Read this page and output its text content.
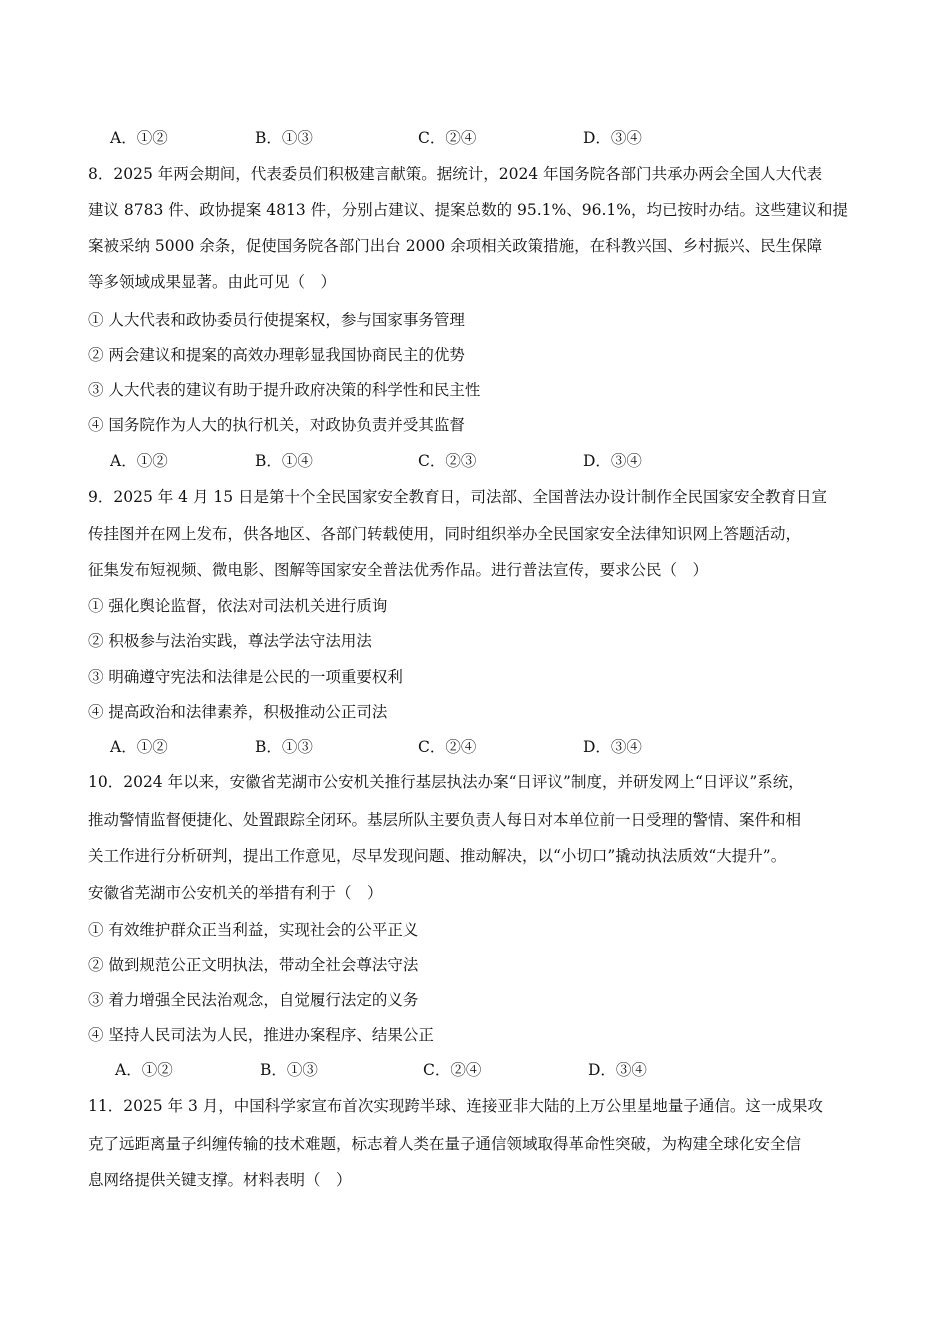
A．①②	B．①③	C．②④	D．③④
8．2025 年两会期间，代表委员们积极建言献策。据统计，2024 年国务院各部门共承办两会全国人大代表
建议 8783 件、政协提案 4813 件，分别占建议、提案总数的 95.1%、96.1%，均已按时办结。这些建议和提
案被采纳 5000 余条，促使国务院各部门出台 2000 余项相关政策措施，在科教兴国、乡村振兴、民生保障
等多领域成果显著。由此可见（　）
① 人大代表和政协委员行使提案权，参与国家事务管理
② 两会建议和提案的高效办理彰显我国协商民主的优势
③ 人大代表的建议有助于提升政府决策的科学性和民主性
④ 国务院作为人大的执行机关，对政协负责并受其监督
A．①②	B．①④	C．②③	D．③④
9．2025 年 4 月 15 日是第十个全民国家安全教育日，司法部、全国普法办设计制作全民国家安全教育日宣
传挂图并在网上发布，供各地区、各部门转载使用，同时组织举办全民国家安全法律知识网上答题活动，
征集发布短视频、微电影、图解等国家安全普法优秀作品。进行普法宣传，要求公民（　）
① 强化舆论监督，依法对司法机关进行质询
② 积极参与法治实践，尊法学法守法用法
③ 明确遵守宪法和法律是公民的一项重要权利
④ 提高政治和法律素养，积极推动公正司法
A．①②	B．①③	C．②④	D．③④
10．2024 年以来，安徽省芜湖市公安机关推行基层执法办案“日评议”制度，并研发网上“日评议”系统，
推动警情监督便捷化、处置跟踪全闭环。基层所队主要负责人每日对本单位前一日受理的警情、案件和相
关工作进行分析研判，提出工作意见，尽早发现问题、推动解决，以“小切口”撬动执法质效“大提升”。
安徽省芜湖市公安机关的举措有利于（　）
① 有效维护群众正当利益，实现社会的公平正义
② 做到规范公正文明执法，带动全社会尊法守法
③ 着力增强全民法治观念，自觉履行法定的义务
④ 坚持人民司法为人民，推进办案程序、结果公正
A．①②	B．①③	C．②④	D．③④
11．2025 年 3 月，中国科学家宣布首次实现跨半球、连接亚非大陆的上万公里星地量子通信。这一成果攻
克了远距离量子纠缠传输的技术难题，标志着人类在量子通信领域取得革命性突破，为构建全球化安全信
息网络提供关键支撑。材料表明（　）
